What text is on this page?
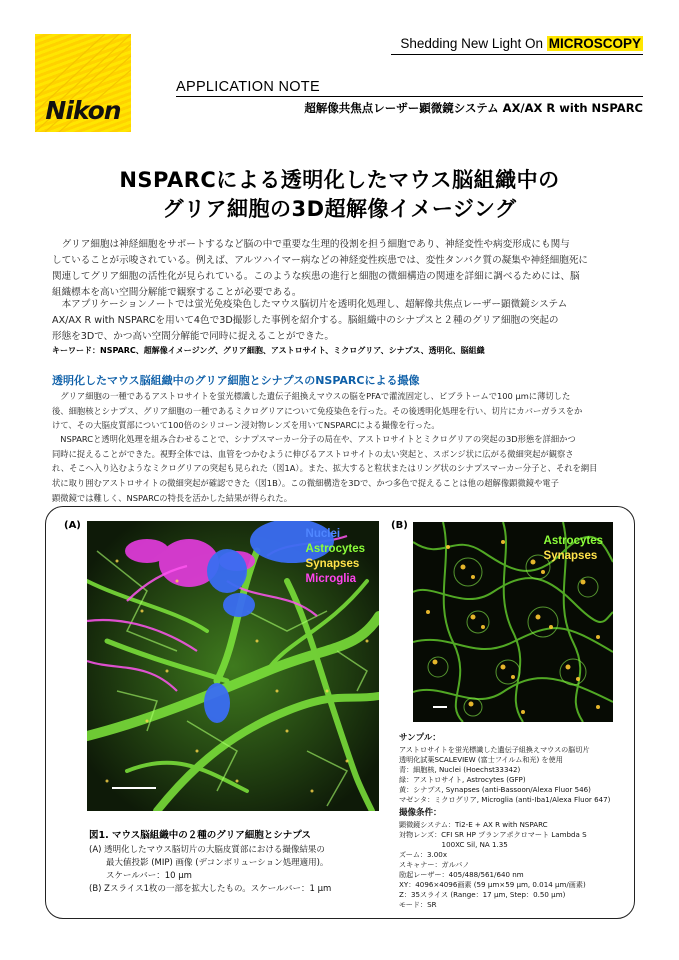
Nikon
Shedding New Light On MICROSCOPY
APPLICATION NOTE
超解像共焦点レーザー顕微鏡システム AX/AX R with NSPARC
NSPARCによる透明化したマウス脳組織中の
グリア細胞の3D超解像イメージング
　グリア細胞は神経細胞をサポートするなど脳の中で重要な生理的役割を担う細胞であり、神経変性や病変形成にも関与
していることが示唆されている。例えば、アルツハイマー病などの神経変性疾患では、変性タンパク質の凝集や神経細胞死に
関連してグリア細胞の活性化が見られている。このような疾患の進行と細胞の微細構造の関連を詳細に調べるためには、脳
組織標本を高い空間分解能で観察することが必要である。
　本アプリケーションノートでは蛍光免疫染色したマウス脳切片を透明化処理し、超解像共焦点レーザー顕微鏡システム
AX/AX R with NSPARCを用いて4色で3D撮影した事例を紹介する。脳組織中のシナプスと２種のグリア細胞の突起の
形態を3Dで、かつ高い空間分解能で同時に捉えることができた。
キーワード：NSPARC、超解像イメージング、グリア細胞、アストロサイト、ミクログリア、シナプス、透明化、脳組織
透明化したマウス脳組織中のグリア細胞とシナプスのNSPARCによる撮像
　グリア細胞の一種であるアストロサイトを蛍光標識した遺伝子組換えマウスの脳をPFAで灌流固定し、ビブラトームで100 μmに薄切した
後、細胞核とシナプス、グリア細胞の一種であるミクログリアについて免疫染色を行った。その後透明化処理を行い、切片にカバーガラスをか
けて、その大脳皮質部について100倍のシリコーン浸対物レンズを用いてNSPARCによる撮像を行った。
　NSPARCと透明化処理を組み合わせることで、シナプスマーカー分子の局在や、アストロサイトとミクログリアの突起の3D形態を詳細かつ
同時に捉えることができた。視野全体では、血管をつかむように伸びるアストロサイトの太い突起と、スポンジ状に広がる微細突起が観察さ
れ、そこへ入り込むようなミクログリアの突起も見られた（図1A）。また、拡大すると粒状またはリング状のシナプスマーカー分子と、それを網目
状に取り囲むアストロサイトの微細突起が確認できた（図1B）。この微細構造を3Dで、かつ多色で捉えることは他の超解像顕微鏡や電子
顕微鏡では難しく、NSPARCの特長を活かした結果が得られた。
(A)	(B)
Nuclei
Astrocytes
Synapses
Microglia
Astrocytes
Synapses
図1. マウス脳組織中の２種のグリア細胞とシナプス
(A) 透明化したマウス脳切片の大脳皮質部における撮像結果の
　　最大値投影 (MIP) 画像 (デコンボリューション処理適用)。
　　スケールバー：10 μm
(B) Zスライス1枚の一部を拡大したもの。スケールバー：1 μm
サンプル：
アストロサイトを蛍光標識した遺伝子組換えマウスの脳切片
透明化試薬SCALEVIEW (富士フイルム和光) を使用
青：細胞核, Nuclei (Hoechst33342)
緑：アストロサイト, Astrocytes (GFP)
黄：シナプス, Synapses (anti-Bassoon/Alexa Fluor 546)
マゼンタ：ミクログリア, Microglia (anti-Iba1/Alexa Fluor 647)
撮像条件：
顕微鏡システム：Ti2-E + AX R with NSPARC
対物レンズ：CFI SR HP プランアポクロマート Lambda S
　　　　　　100XC Sil, NA 1.35
ズーム：3.00x
スキャナー：ガルバノ
励起レーザー：405/488/561/640 nm
XY：4096×4096画素 (59 μm×59 μm, 0.014 μm/画素)
Z：35スライス (Range：17 μm, Step：0.50 μm)
モード：SR
